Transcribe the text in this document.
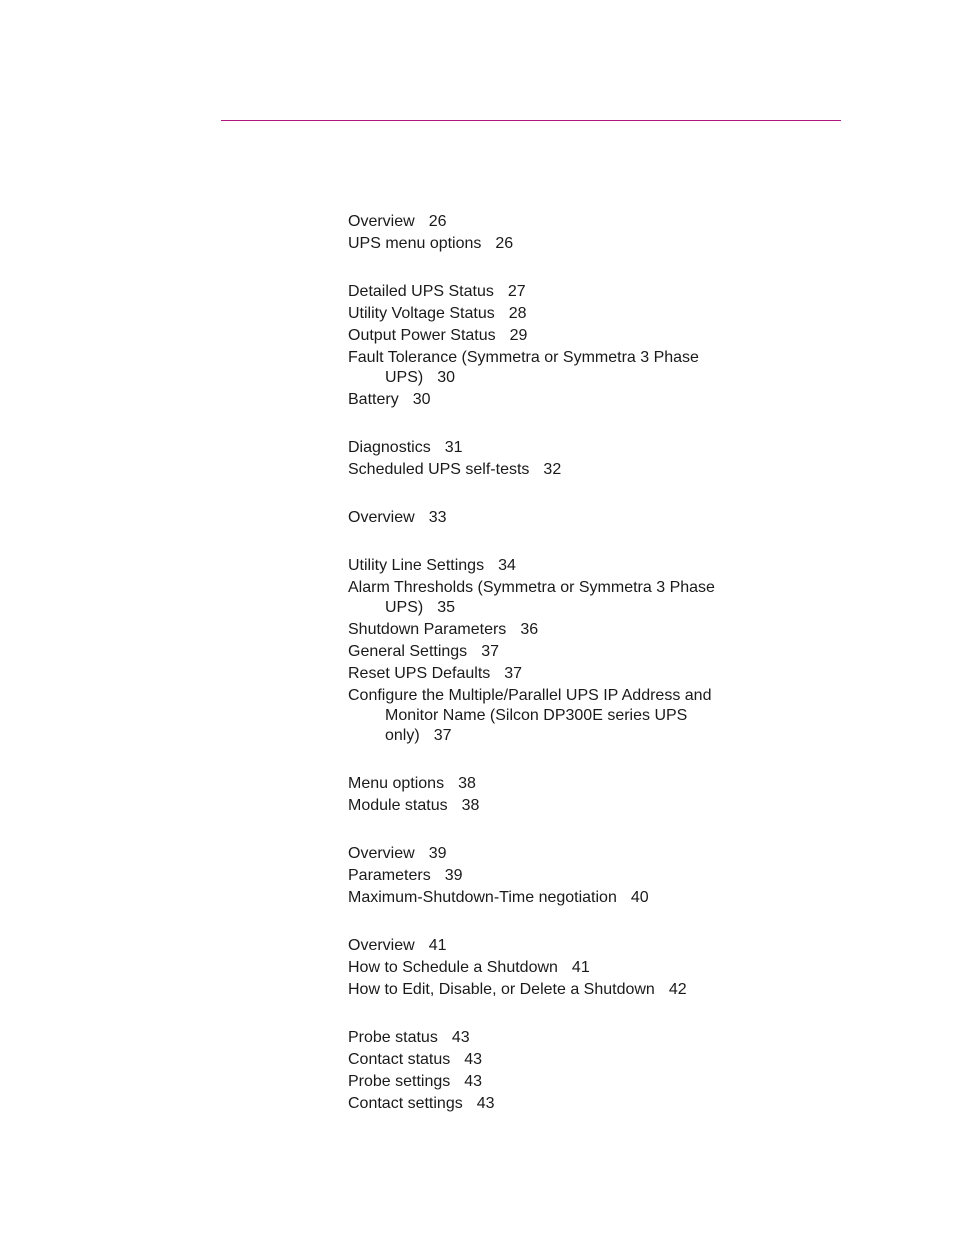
Overview 26
UPS menu options 26
Detailed UPS Status 27
Utility Voltage Status 28
Output Power Status 29
Fault Tolerance (Symmetra or Symmetra 3 Phase UPS) 30
Battery 30
Diagnostics 31
Scheduled UPS self-tests 32
Overview 33
Utility Line Settings 34
Alarm Thresholds (Symmetra or Symmetra 3 Phase UPS) 35
Shutdown Parameters 36
General Settings 37
Reset UPS Defaults 37
Configure the Multiple/Parallel UPS IP Address and Monitor Name (Silcon DP300E series UPS only) 37
Menu options 38
Module status 38
Overview 39
Parameters 39
Maximum-Shutdown-Time negotiation 40
Overview 41
How to Schedule a Shutdown 41
How to Edit, Disable, or Delete a Shutdown 42
Probe status 43
Contact status 43
Probe settings 43
Contact settings 43
